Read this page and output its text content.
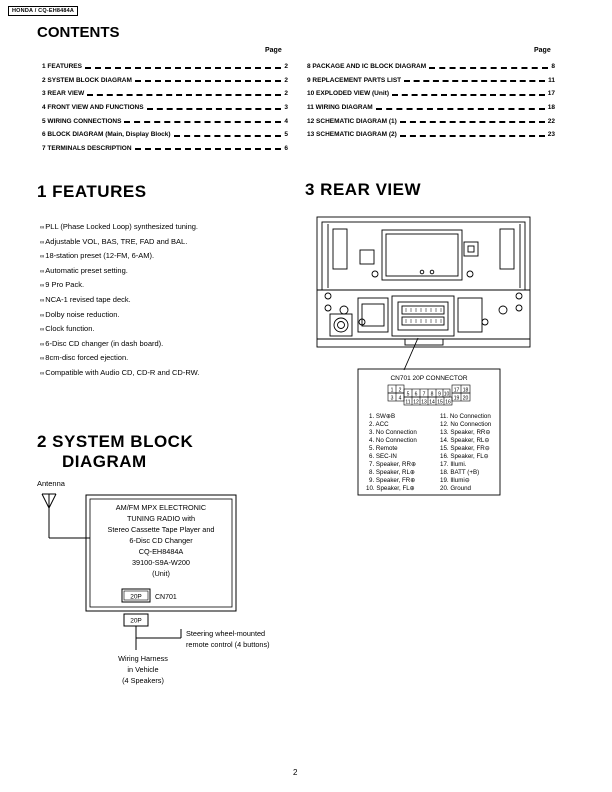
HONDA / CQ-EH8484A
CONTENTS
Page	Page
1 FEATURES	2
2 SYSTEM BLOCK DIAGRAM	2
3 REAR VIEW	2
4 FRONT VIEW AND FUNCTIONS	3
5 WIRING CONNECTIONS	4
6 BLOCK DIAGRAM (Main, Display Block)	5
7 TERMINALS DESCRIPTION	6
8 PACKAGE AND IC BLOCK DIAGRAM	8
9 REPLACEMENT PARTS LIST	11
10 EXPLODED VIEW (Unit)	17
11 WIRING DIAGRAM	18
12 SCHEMATIC DIAGRAM (1)	22
13 SCHEMATIC DIAGRAM (2)	23
1 FEATURES
∞PLL (Phase Locked Loop) synthesized tuning.
∞Adjustable VOL, BAS, TRE, FAD and BAL.
∞18-station preset (12-FM, 6-AM).
∞Automatic preset setting.
∞9 Pro Pack.
∞NCA-1 revised tape deck.
∞Dolby noise reduction.
∞Clock function.
∞6-Disc CD changer (in dash board).
∞8cm-disc forced ejection.
∞Compatible with Audio CD, CD-R and CD-RW.
2 SYSTEM BLOCK
DIAGRAM
Antenna
AM/FM MPX ELECTRONIC
TUNING RADIO with
Stereo Cassette Tape Player and
6-Disc CD Changer
CQ-EH8484A
39100-S9A-W200
(Unit)
20P CN701
20P
Steering wheel-mounted
remote control (4 buttons)
Wiring Harness
in Vehicle
(4 Speakers)
3 REAR VIEW
CN701 20P CONNECTOR
1 2
3 4
5 6 7 8 9 10
11 12 13 14 15 16
17 18
19 20
1. SW⊕B
2. ACC
3. No Connection
4. No Connection
5. Remote
6. SEC-IN
7. Speaker, RR⊕
8. Speaker, RL⊕
9. Speaker, FR⊕
10. Speaker, FL⊕
11. No Connection
12. No Connection
13. Speaker, RR⊖
14. Speaker, RL⊖
15. Speaker, FR⊖
16. Speaker, FL⊖
17. Illumi.
18. BATT (+B)
19. Illumi⊖
20. Ground
2
